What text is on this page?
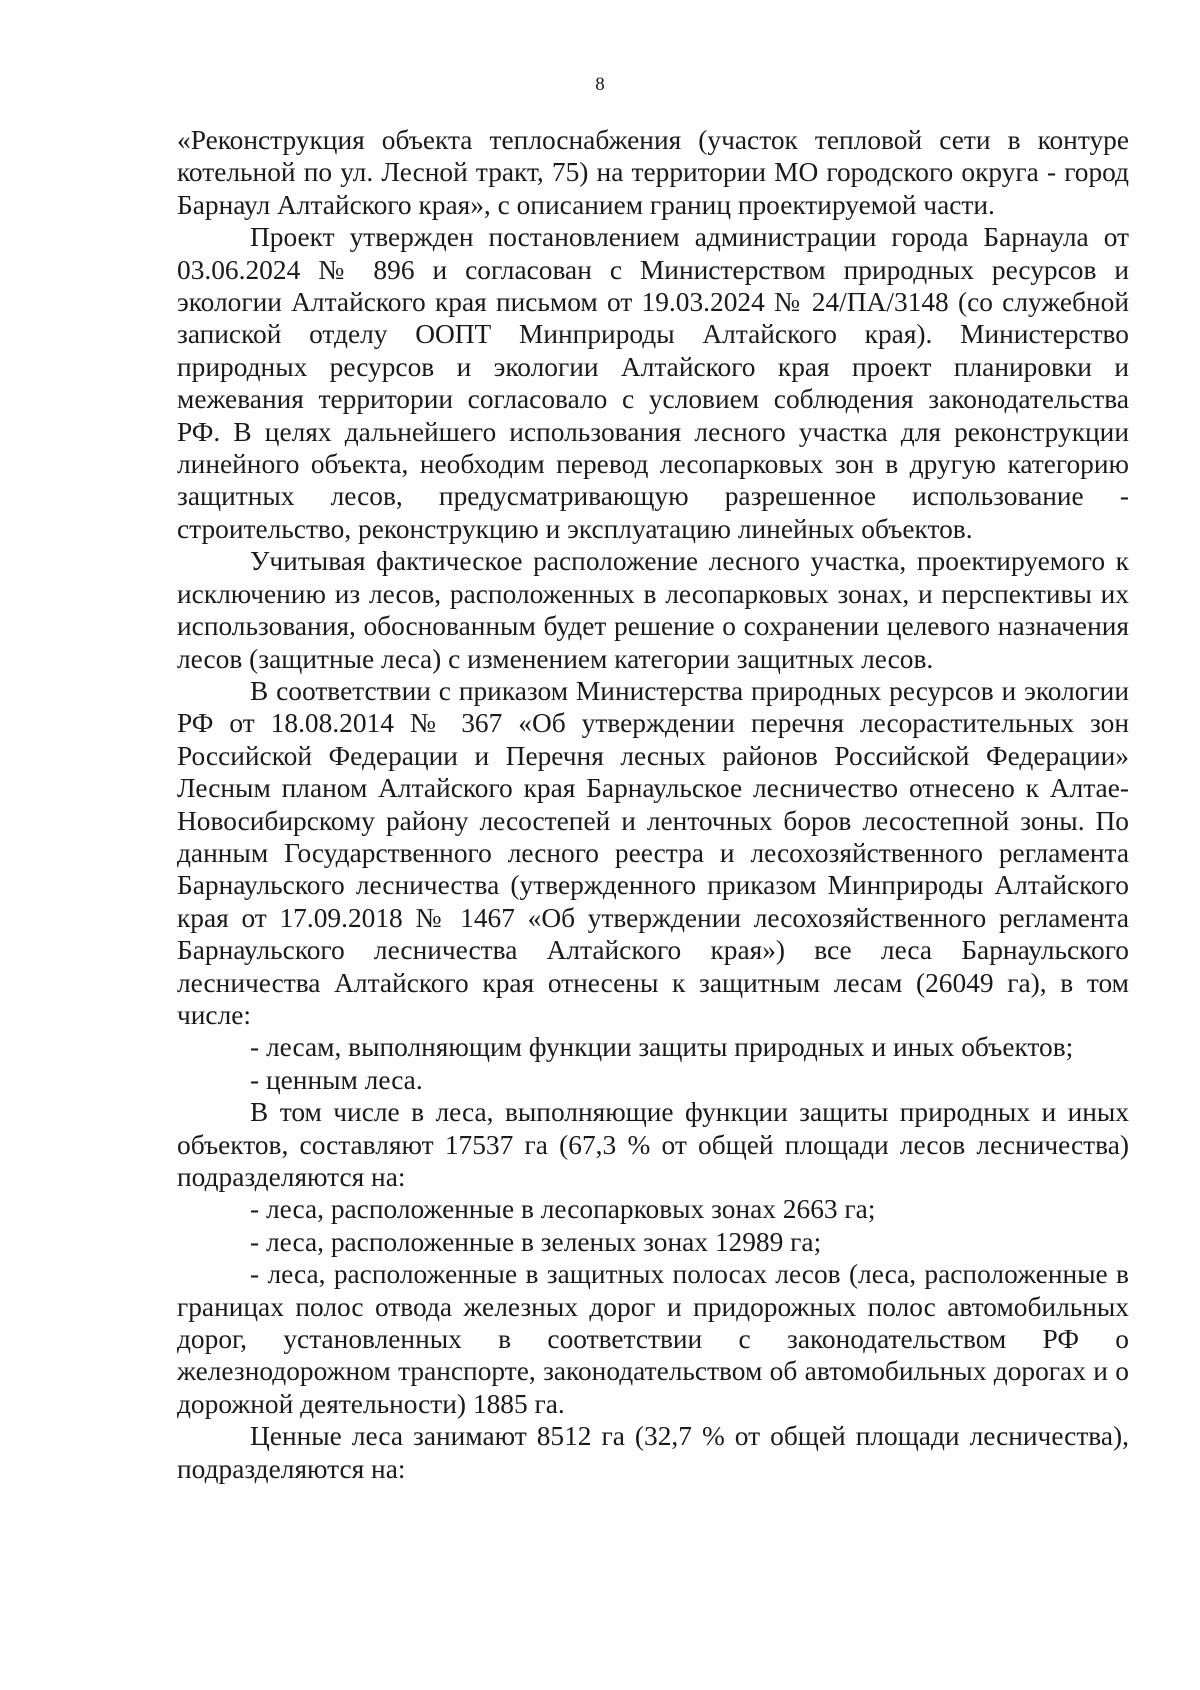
8

«Реконструкция объекта теплоснабжения (участок тепловой сети в контуре котельной по ул. Лесной тракт, 75) на территории МО городского округа - город Барнаул Алтайского края», с описанием границ проектируемой части.

Проект утвержден постановлением администрации города Барнаула от 03.06.2024 № 896 и согласован с Министерством природных ресурсов и экологии Алтайского края письмом от 19.03.2024 № 24/ПА/3148 (со служебной запиской отделу ООПТ Минприроды Алтайского края). Министерство природных ресурсов и экологии Алтайского края проект планировки и межевания территории согласовало с условием соблюдения законодательства РФ. В целях дальнейшего использования лесного участка для реконструкции линейного объекта, необходим перевод лесопарковых зон в другую категорию защитных лесов, предусматривающую разрешенное использование - строительство, реконструкцию и эксплуатацию линейных объектов.

Учитывая фактическое расположение лесного участка, проектируемого к исключению из лесов, расположенных в лесопарковых зонах, и перспективы их использования, обоснованным будет решение о сохранении целевого назначения лесов (защитные леса) с изменением категории защитных лесов.

В соответствии с приказом Министерства природных ресурсов и экологии РФ от 18.08.2014 № 367 «Об утверждении перечня лесорастительных зон Российской Федерации и Перечня лесных районов Российской Федерации» Лесным планом Алтайского края Барнаульское лесничество отнесено к Алтае-Новосибирскому району лесостепей и ленточных боров лесостепной зоны. По данным Государственного лесного реестра и лесохозяйственного регламента Барнаульского лесничества (утвержденного приказом Минприроды Алтайского края от 17.09.2018 № 1467 «Об утверждении лесохозяйственного регламента Барнаульского лесничества Алтайского края») все леса Барнаульского лесничества Алтайского края отнесены к защитным лесам (26049 га), в том числе:

- лесам, выполняющим функции защиты природных и иных объектов;

- ценным леса.

В том числе в леса, выполняющие функции защиты природных и иных объектов, составляют 17537 га (67,3 % от общей площади лесов лесничества) подразделяются на:

- леса, расположенные в лесопарковых зонах 2663 га;

- леса, расположенные в зеленых зонах 12989 га;

- леса, расположенные в защитных полосах лесов (леса, расположенные в границах полос отвода железных дорог и придорожных полос автомобильных дорог, установленных в соответствии с законодательством РФ о железнодорожном транспорте, законодательством об автомобильных дорогах и о дорожной деятельности) 1885 га.

Ценные леса занимают 8512 га (32,7 % от общей площади лесничества), подразделяются на:
